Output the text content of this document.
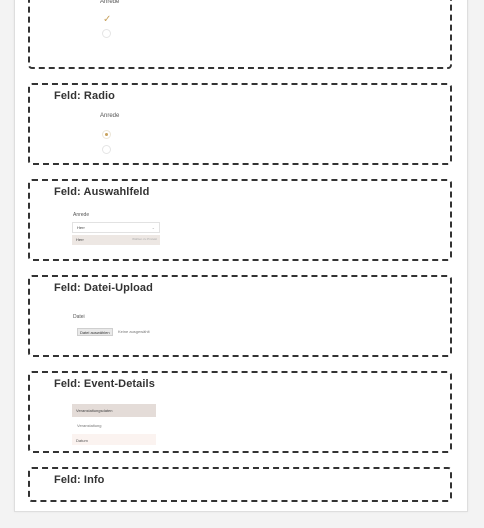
Anrede
✓
Feld: Radio
Anrede
Feld: Auswahlfeld
Anrede
Herr	⌄
Herr	Wählen zu Pinzekt
Feld: Datei-Upload
Datei
Datei auswählen	Keine ausgewählt
Feld: Event-Details
Veranstaltungsdaten
Veranstaltung
Datum
Feld: Info
